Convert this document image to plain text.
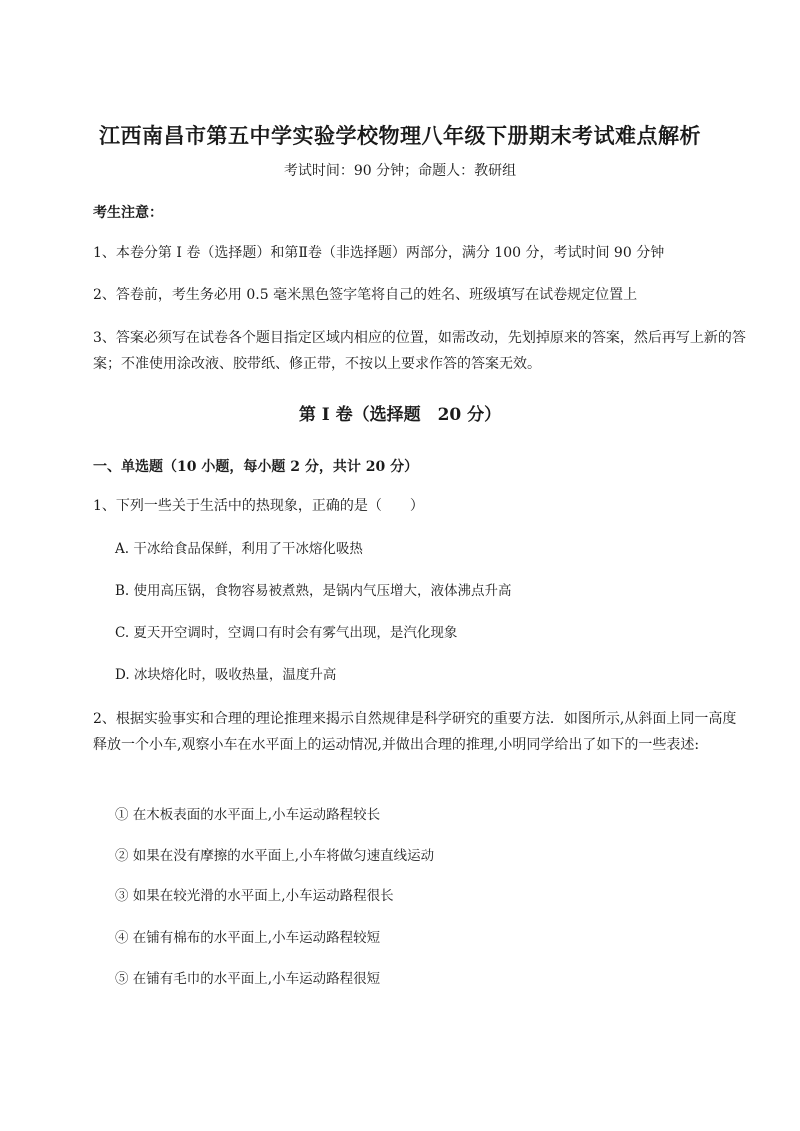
江西南昌市第五中学实验学校物理八年级下册期末考试难点解析
考试时间：90 分钟；命题人：教研组
考生注意：
1、本卷分第 I 卷（选择题）和第Ⅱ卷（非选择题）两部分，满分 100 分，考试时间 90 分钟
2、答卷前，考生务必用 0.5 毫米黑色签字笔将自己的姓名、班级填写在试卷规定位置上
3、答案必须写在试卷各个题目指定区域内相应的位置，如需改动，先划掉原来的答案，然后再写上新的答案；不准使用涂改液、胶带纸、修正带，不按以上要求作答的答案无效。
第 I 卷（选择题　20 分）
一、单选题（10 小题，每小题 2 分，共计 20 分）
1、下列一些关于生活中的热现象，正确的是（　　）
A. 干冰给食品保鲜，利用了干冰熔化吸热
B. 使用高压锅，食物容易被煮熟，是锅内气压增大，液体沸点升高
C. 夏天开空调时，空调口有时会有雾气出现，是汽化现象
D. 冰块熔化时，吸收热量，温度升高
2、根据实验事实和合理的理论推理来揭示自然规律是科学研究的重要方法．如图所示,从斜面上同一高度释放一个小车,观察小车在水平面上的运动情况,并做出合理的推理,小明同学给出了如下的一些表述:
① 在木板表面的水平面上,小车运动路程较长
② 如果在没有摩擦的水平面上,小车将做匀速直线运动
③ 如果在较光滑的水平面上,小车运动路程很长
④ 在铺有棉布的水平面上,小车运动路程较短
⑤ 在铺有毛巾的水平面上,小车运动路程很短
